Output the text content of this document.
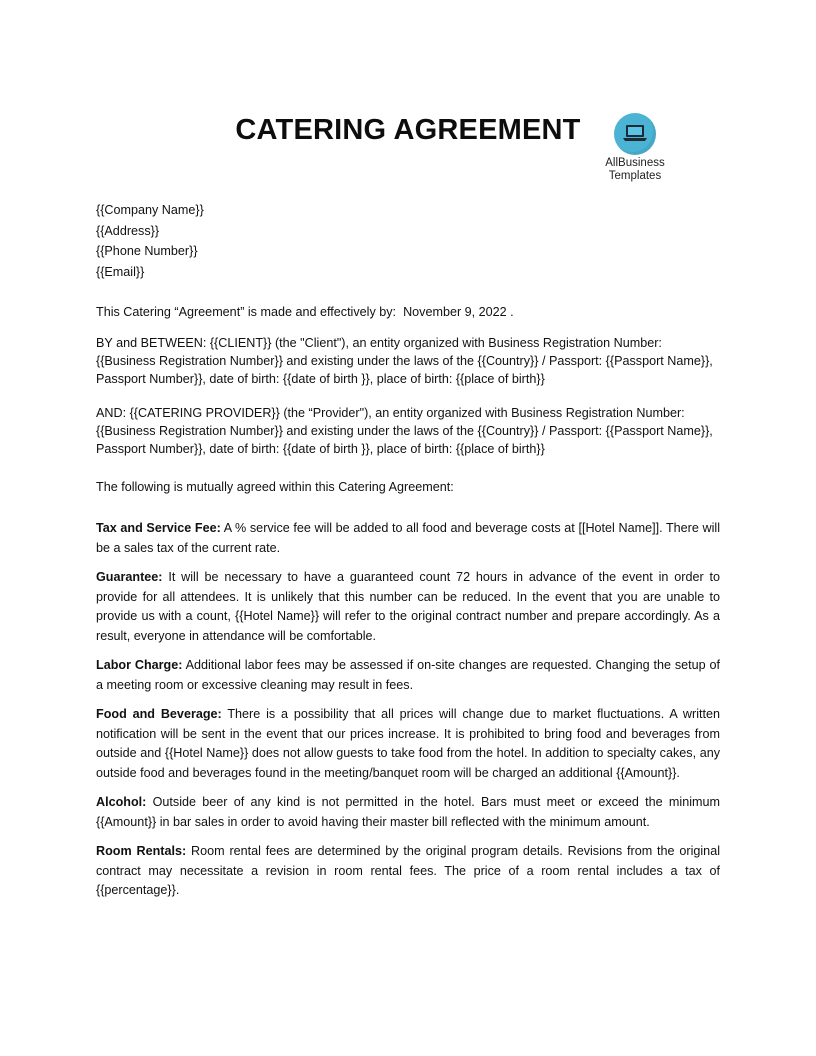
CATERING AGREEMENT
AllBusiness
Templates
{{Company Name}}
{{Address}}
{{Phone Number}}
{{Email}}

This Catering “Agreement” is made and effectively by: November 9, 2022 .

BY and BETWEEN: {{CLIENT}} (the "Client"), an entity organized with Business Registration Number: {{Business Registration Number}} and existing under the laws of the {{Country}} / Passport: {{Passport Name}}, Passport Number}}, date of birth: {{date of birth }}, place of birth: {{place of birth}}

AND: {{CATERING PROVIDER}} (the “Provider"), an entity organized with Business Registration Number: {{Business Registration Number}} and existing under the laws of the {{Country}} / Passport: {{Passport Name}}, Passport Number}}, date of birth: {{date of birth }}, place of birth: {{place of birth}}

The following is mutually agreed within this Catering Agreement:

Tax and Service Fee: A % service fee will be added to all food and beverage costs at [[Hotel Name]]. There will be a sales tax of the current rate.

Guarantee: It will be necessary to have a guaranteed count 72 hours in advance of the event in order to provide for all attendees. It is unlikely that this number can be reduced. In the event that you are unable to provide us with a count, {{Hotel Name}} will refer to the original contract number and prepare accordingly. As a result, everyone in attendance will be comfortable.

Labor Charge: Additional labor fees may be assessed if on-site changes are requested. Changing the setup of a meeting room or excessive cleaning may result in fees.

Food and Beverage: There is a possibility that all prices will change due to market fluctuations. A written notification will be sent in the event that our prices increase. It is prohibited to bring food and beverages from outside and {{Hotel Name}} does not allow guests to take food from the hotel. In addition to specialty cakes, any outside food and beverages found in the meeting/banquet room will be charged an additional {{Amount}}.

Alcohol: Outside beer of any kind is not permitted in the hotel. Bars must meet or exceed the minimum {{Amount}} in bar sales in order to avoid having their master bill reflected with the minimum amount.

Room Rentals: Room rental fees are determined by the original program details. Revisions from the original contract may necessitate a revision in room rental fees. The price of a room rental includes a tax of {{percentage}}.
